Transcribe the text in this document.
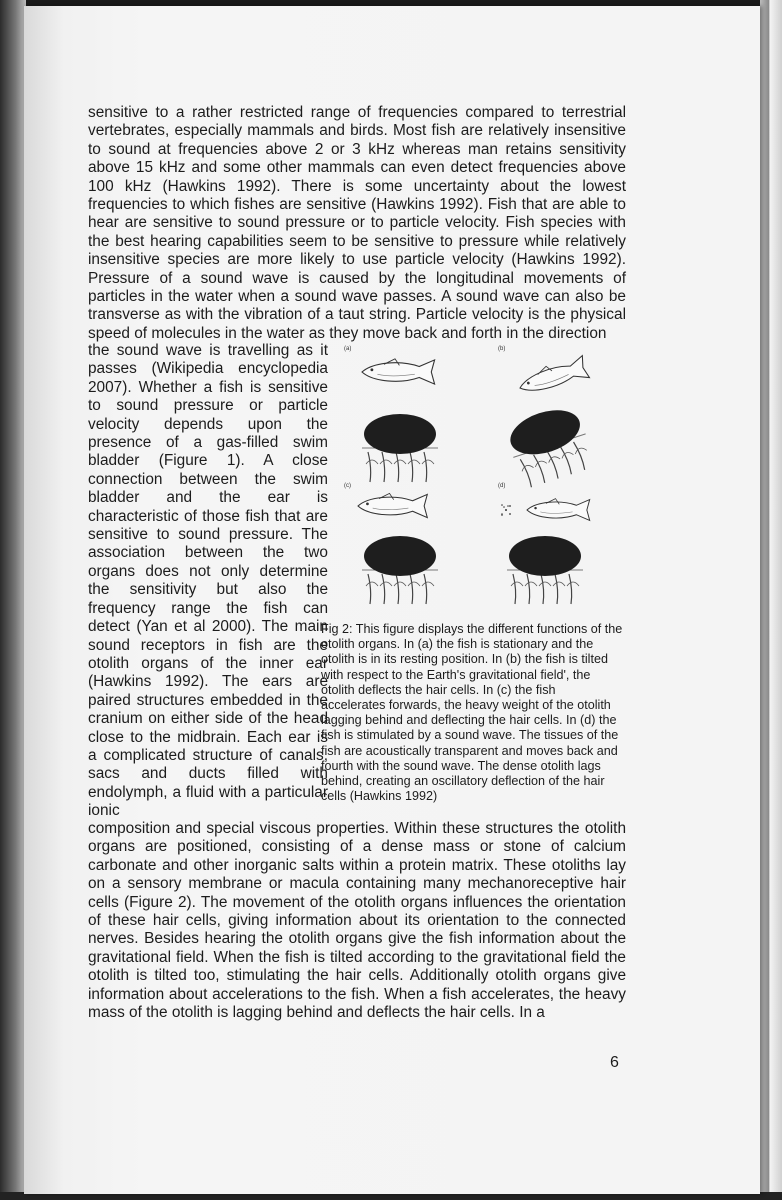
sensitive to a rather restricted range of frequencies compared to terrestrial vertebrates, especially mammals and birds. Most fish are relatively insensitive to sound at frequencies above 2 or 3 kHz whereas man retains sensitivity above 15 kHz and some other mammals can even detect frequencies above 100 kHz (Hawkins 1992). There is some uncertainty about the lowest frequencies to which fishes are sensitive (Hawkins 1992). Fish that are able to hear are sensitive to sound pressure or to particle velocity. Fish species with the best hearing capabilities seem to be sensitive to pressure while relatively insensitive species are more likely to use particle velocity (Hawkins 1992). Pressure of a sound wave is caused by the longitudinal movements of particles in the water when a sound wave passes. A sound wave can also be transverse as with the vibration of a taut string. Particle velocity is the physical speed of molecules in the water as they move back and forth in the direction

the sound wave is travelling as it passes (Wikipedia encyclopedia 2007). Whether a fish is sensitive to sound pressure or particle velocity depends upon the presence of a gas-filled swim bladder (Figure 1). A close connection between the swim bladder and the ear is characteristic of those fish that are sensitive to sound pressure. The association between the two organs does not only determine the sensitivity but also the frequency range the fish can detect (Yan et al 2000). The main sound receptors in fish are the otolith organs of the inner ear (Hawkins 1992). The ears are paired structures embedded in the cranium on either side of the head close to the midbrain. Each ear is a complicated structure of canals, sacs and ducts filled with endolymph, a fluid with a particular ionic

(a)	(b)
(c)	(d)
Fig 2: This figure displays the different functions of the otolith organs. In (a) the fish is stationary and the otolith is in its resting position. In (b) the fish is tilted with respect to the Earth's gravitational field', the otolith deflects the hair cells. In (c) the fish accelerates forwards, the heavy weight of the otolith lagging behind and deflecting the hair cells. In (d) the fish is stimulated by a sound wave. The tissues of the fish are acoustically transparent and moves back and fourth with the sound wave. The dense otolith lags behind, creating an oscillatory deflection of the hair cells (Hawkins 1992)

composition and special viscous properties. Within these structures the otolith organs are positioned, consisting of a dense mass or stone of calcium carbonate and other inorganic salts within a protein matrix. These otoliths lay on a sensory membrane or macula containing many mechanoreceptive hair cells (Figure 2). The movement of the otolith organs influences the orientation of these hair cells, giving information about its orientation to the connected nerves. Besides hearing the otolith organs give the fish information about the gravitational field. When the fish is tilted according to the gravitational field the otolith is tilted too, stimulating the hair cells. Additionally otolith organs give information about accelerations to the fish. When a fish accelerates, the heavy mass of the otolith is lagging behind and deflects the hair cells. In a

6
